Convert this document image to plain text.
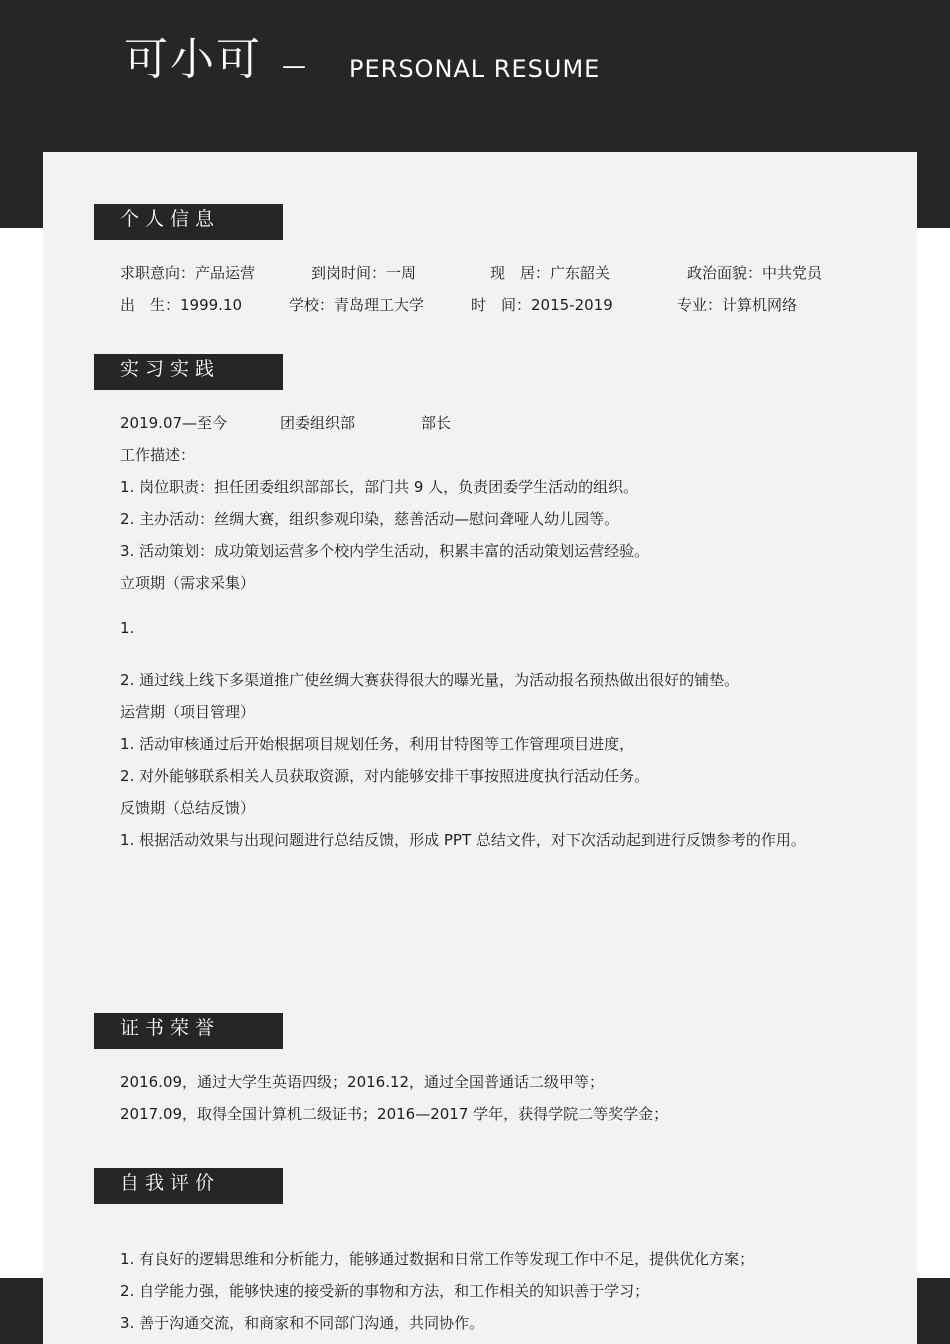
可小可 — PERSONAL RESUME
个人信息
求职意向：产品运营	到岗时间：一周	现　居：广东韶关	政治面貌：中共党员
出　生：1999.10	学校：青岛理工大学	时　间：2015-2019	专业：计算机网络
实习实践
2019.07—至今	团委组织部	部长
工作描述：
1. 岗位职责：担任团委组织部部长，部门共 9 人，负责团委学生活动的组织。
2. 主办活动：丝绸大赛，组织参观印染，慈善活动—慰问聋哑人幼儿园等。
3. 活动策划：成功策划运营多个校内学生活动，积累丰富的活动策划运营经验。
立项期（需求采集）
1.
2. 通过线上线下多渠道推广使丝绸大赛获得很大的曝光量，为活动报名预热做出很好的铺垫。
运营期（项目管理）
1. 活动审核通过后开始根据项目规划任务，利用甘特图等工作管理项目进度，
2. 对外能够联系相关人员获取资源，对内能够安排干事按照进度执行活动任务。
反馈期（总结反馈）
1. 根据活动效果与出现问题进行总结反馈，形成 PPT 总结文件，对下次活动起到进行反馈参考的作用。
证书荣誉
2016.09，通过大学生英语四级；2016.12，通过全国普通话二级甲等；
2017.09，取得全国计算机二级证书；2016—2017 学年，获得学院二等奖学金；
自我评价
1. 有良好的逻辑思维和分析能力，能够通过数据和日常工作等发现工作中不足，提供优化方案；
2. 自学能力强，能够快速的接受新的事物和方法，和工作相关的知识善于学习；
3. 善于沟通交流，和商家和不同部门沟通，共同协作。
